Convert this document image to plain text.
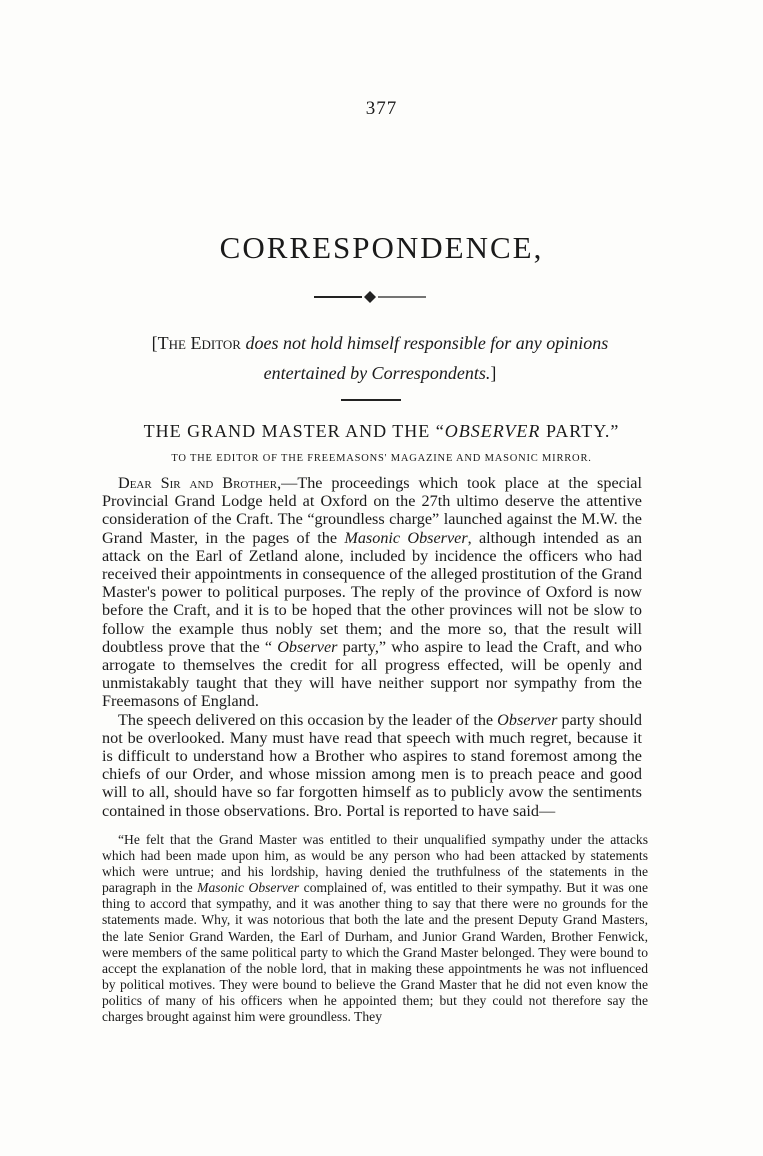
377
CORRESPONDENCE,
[The Editor does not hold himself responsible for any opinions
entertained by Correspondents.]
THE GRAND MASTER AND THE “OBSERVER PARTY.”
TO THE EDITOR OF THE FREEMASONS' MAGAZINE AND MASONIC MIRROR.

Dear Sir and Brother,—The proceedings which took place at the special Provincial Grand Lodge held at Oxford on the 27th ultimo deserve the attentive consideration of the Craft. The “groundless charge” launched against the M.W. the Grand Master, in the pages of the Masonic Observer, although intended as an attack on the Earl of Zetland alone, included by incidence the officers who had received their appointments in consequence of the alleged prostitution of the Grand Master's power to political purposes. The reply of the province of Oxford is now before the Craft, and it is to be hoped that the other provinces will not be slow to follow the example thus nobly set them; and the more so, that the result will doubtless prove that the “ Observer party,” who aspire to lead the Craft, and who arrogate to themselves the credit for all progress effected, will be openly and unmistakably taught that they will have neither support nor sympathy from the Freemasons of England.

The speech delivered on this occasion by the leader of the Observer party should not be overlooked. Many must have read that speech with much regret, because it is difficult to understand how a Brother who aspires to stand foremost among the chiefs of our Order, and whose mission among men is to preach peace and good will to all, should have so far forgotten himself as to publicly avow the sentiments contained in those observations. Bro. Portal is reported to have said—

“He felt that the Grand Master was entitled to their unqualified sympathy under the attacks which had been made upon him, as would be any person who had been attacked by statements which were untrue; and his lordship, having denied the truthfulness of the statements in the paragraph in the Masonic Observer complained of, was entitled to their sympathy. But it was one thing to accord that sympathy, and it was another thing to say that there were no grounds for the statements made. Why, it was notorious that both the late and the present Deputy Grand Masters, the late Senior Grand Warden, the Earl of Durham, and Junior Grand Warden, Brother Fenwick, were members of the same political party to which the Grand Master belonged. They were bound to accept the explanation of the noble lord, that in making these appointments he was not influenced by political motives. They were bound to believe the Grand Master that he did not even know the politics of many of his officers when he appointed them; but they could not therefore say the charges brought against him were groundless. They
